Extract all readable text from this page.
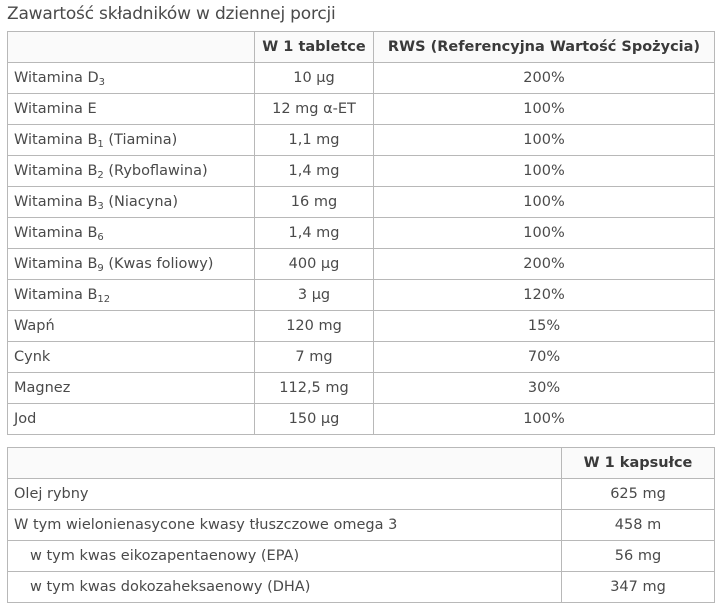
Zawartość składników w dziennej porcji
	W 1 tabletce	RWS (Referencyjna Wartość Spożycia)
Witamina $D_3$	10 µg	200%
Witamina E	12 mg α-ET	100%
Witamina $B_1$ (Tiamina)	1,1 mg	100%
Witamina $B_2$ (Ryboflawina)	1,4 mg	100%
Witamina $B_3$ (Niacyna)	16 mg	100%
Witamina $B_6$	1,4 mg	100%
Witamina $B_9$ (Kwas foliowy)	400 µg	200%
Witamina $B_{12}$	3 µg	120%
Wapń	120 mg	15%
Cynk	7 mg	70%
Magnez	112,5 mg	30%
Jod	150 µg	100%
	W 1 kapsułce
Olej rybny	625 mg
W tym wielonienasycone kwasy tłuszczowe omega 3	458 m
w tym kwas eikozapentaenowy (EPA)	56 mg
w tym kwas dokozaheksaenowy (DHA)	347 mg
